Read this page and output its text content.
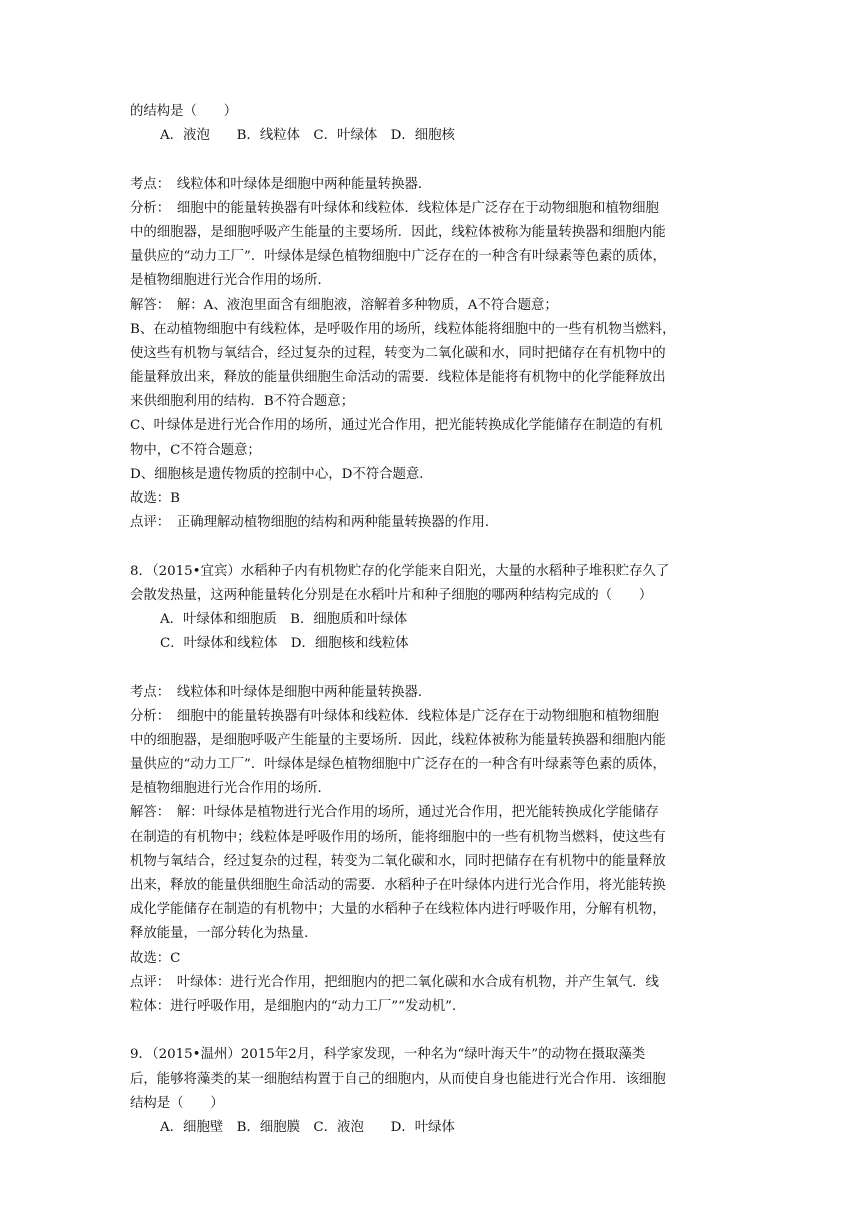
的结构是（　　）
A．液泡　　B．线粒体　C．叶绿体　D．细胞核
考点：　线粒体和叶绿体是细胞中两种能量转换器．
分析：　细胞中的能量转换器有叶绿体和线粒体．线粒体是广泛存在于动物细胞和植物细胞
中的细胞器，是细胞呼吸产生能量的主要场所．因此，线粒体被称为能量转换器和细胞内能
量供应的“动力工厂”．叶绿体是绿色植物细胞中广泛存在的一种含有叶绿素等色素的质体，
是植物细胞进行光合作用的场所．
解答：　解：A、液泡里面含有细胞液，溶解着多种物质，A不符合题意；
B、在动植物细胞中有线粒体，是呼吸作用的场所，线粒体能将细胞中的一些有机物当燃料，
使这些有机物与氧结合，经过复杂的过程，转变为二氧化碳和水，同时把储存在有机物中的
能量释放出来，释放的能量供细胞生命活动的需要．线粒体是能将有机物中的化学能释放出
来供细胞利用的结构．B不符合题意；
C、叶绿体是进行光合作用的场所，通过光合作用，把光能转换成化学能储存在制造的有机
物中，C不符合题意；
D、细胞核是遗传物质的控制中心，D不符合题意．
故选：B
点评：　正确理解动植物细胞的结构和两种能量转换器的作用．
8．（2015•宜宾）水稻种子内有机物贮存的化学能来自阳光，大量的水稻种子堆积贮存久了
会散发热量，这两种能量转化分别是在水稻叶片和种子细胞的哪两种结构完成的（　　）
A．叶绿体和细胞质　B．细胞质和叶绿体
C．叶绿体和线粒体　D．细胞核和线粒体
考点：　线粒体和叶绿体是细胞中两种能量转换器．
分析：　细胞中的能量转换器有叶绿体和线粒体．线粒体是广泛存在于动物细胞和植物细胞
中的细胞器，是细胞呼吸产生能量的主要场所．因此，线粒体被称为能量转换器和细胞内能
量供应的“动力工厂”．叶绿体是绿色植物细胞中广泛存在的一种含有叶绿素等色素的质体，
是植物细胞进行光合作用的场所．
解答：　解：叶绿体是植物进行光合作用的场所，通过光合作用，把光能转换成化学能储存
在制造的有机物中；线粒体是呼吸作用的场所，能将细胞中的一些有机物当燃料，使这些有
机物与氧结合，经过复杂的过程，转变为二氧化碳和水，同时把储存在有机物中的能量释放
出来，释放的能量供细胞生命活动的需要．水稻种子在叶绿体内进行光合作用，将光能转换
成化学能储存在制造的有机物中；大量的水稻种子在线粒体内进行呼吸作用，分解有机物，
释放能量，一部分转化为热量．
故选：C
点评：　叶绿体：进行光合作用，把细胞内的把二氧化碳和水合成有机物，并产生氧气．线
粒体：进行呼吸作用，是细胞内的“动力工厂”“发动机”．
9．（2015•温州）2015年2月，科学家发现，一种名为“绿叶海天牛”的动物在摄取藻类
后，能够将藻类的某一细胞结构置于自己的细胞内，从而使自身也能进行光合作用．该细胞
结构是（　　）
A．细胞壁　B．细胞膜　C．液泡　　D．叶绿体
